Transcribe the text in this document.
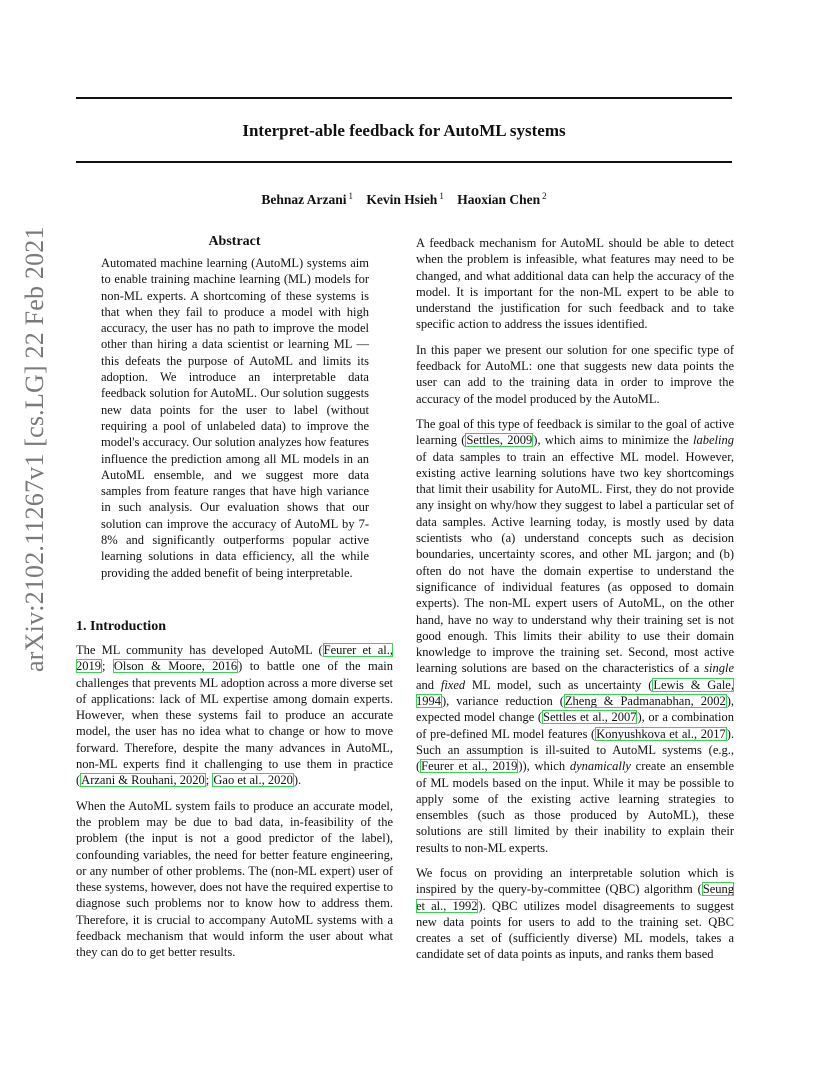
arXiv:2102.11267v1 [cs.LG] 22 Feb 2021
Interpret-able feedback for AutoML systems
Behnaz Arzani $^1$ Kevin Hsieh $^1$ Haoxian Chen $^2$
Abstract

Automated machine learning (AutoML) systems aim to enable training machine learning (ML) models for non-ML experts. A shortcoming of these systems is that when they fail to produce a model with high accuracy, the user has no path to improve the model other than hiring a data scientist or learning ML — this defeats the purpose of AutoML and limits its adoption. We introduce an interpretable data feedback solution for AutoML. Our solution suggests new data points for the user to label (without requiring a pool of unlabeled data) to improve the model's accuracy. Our solution analyzes how features influence the prediction among all ML models in an AutoML ensemble, and we suggest more data samples from feature ranges that have high variance in such analysis. Our evaluation shows that our solution can improve the accuracy of AutoML by 7-8% and significantly outperforms popular active learning solutions in data efficiency, all the while providing the added benefit of being interpretable.

1. Introduction

The ML community has developed AutoML (Feurer et al., 2019; Olson & Moore, 2016) to battle one of the main challenges that prevents ML adoption across a more diverse set of applications: lack of ML expertise among domain experts. However, when these systems fail to produce an accurate model, the user has no idea what to change or how to move forward. Therefore, despite the many advances in AutoML, non-ML experts find it challenging to use them in practice (Arzani & Rouhani, 2020; Gao et al., 2020).

When the AutoML system fails to produce an accurate model, the problem may be due to bad data, in-feasibility of the problem (the input is not a good predictor of the label), confounding variables, the need for better feature engineering, or any number of other problems. The (non-ML expert) user of these systems, however, does not have the required expertise to diagnose such problems nor to know how to address them. Therefore, it is crucial to accompany AutoML systems with a feedback mechanism that would inform the user about what they can do to get better results.

A feedback mechanism for AutoML should be able to detect when the problem is infeasible, what features may need to be changed, and what additional data can help the accuracy of the model. It is important for the non-ML expert to be able to understand the justification for such feedback and to take specific action to address the issues identified.

In this paper we present our solution for one specific type of feedback for AutoML: one that suggests new data points the user can add to the training data in order to improve the accuracy of the model produced by the AutoML.

The goal of this type of feedback is similar to the goal of active learning (Settles, 2009), which aims to minimize the labeling of data samples to train an effective ML model. However, existing active learning solutions have two key shortcomings that limit their usability for AutoML. First, they do not provide any insight on why/how they suggest to label a particular set of data samples. Active learning today, is mostly used by data scientists who (a) understand concepts such as decision boundaries, uncertainty scores, and other ML jargon; and (b) often do not have the domain expertise to understand the significance of individual features (as opposed to domain experts). The non-ML expert users of AutoML, on the other hand, have no way to understand why their training set is not good enough. This limits their ability to use their domain knowledge to improve the training set. Second, most active learning solutions are based on the characteristics of a single and fixed ML model, such as uncertainty (Lewis & Gale, 1994), variance reduction (Zheng & Padmanabhan, 2002), expected model change (Settles et al., 2007), or a combination of pre-defined ML model features (Konyushkova et al., 2017). Such an assumption is ill-suited to AutoML systems (e.g., (Feurer et al., 2019)), which dynamically create an ensemble of ML models based on the input. While it may be possible to apply some of the existing active learning strategies to ensembles (such as those produced by AutoML), these solutions are still limited by their inability to explain their results to non-ML experts.

We focus on providing an interpretable solution which is inspired by the query-by-committee (QBC) algorithm (Seung et al., 1992). QBC utilizes model disagreements to suggest new data points for users to add to the training set. QBC creates a set of (sufficiently diverse) ML models, takes a candidate set of data points as inputs, and ranks them based
